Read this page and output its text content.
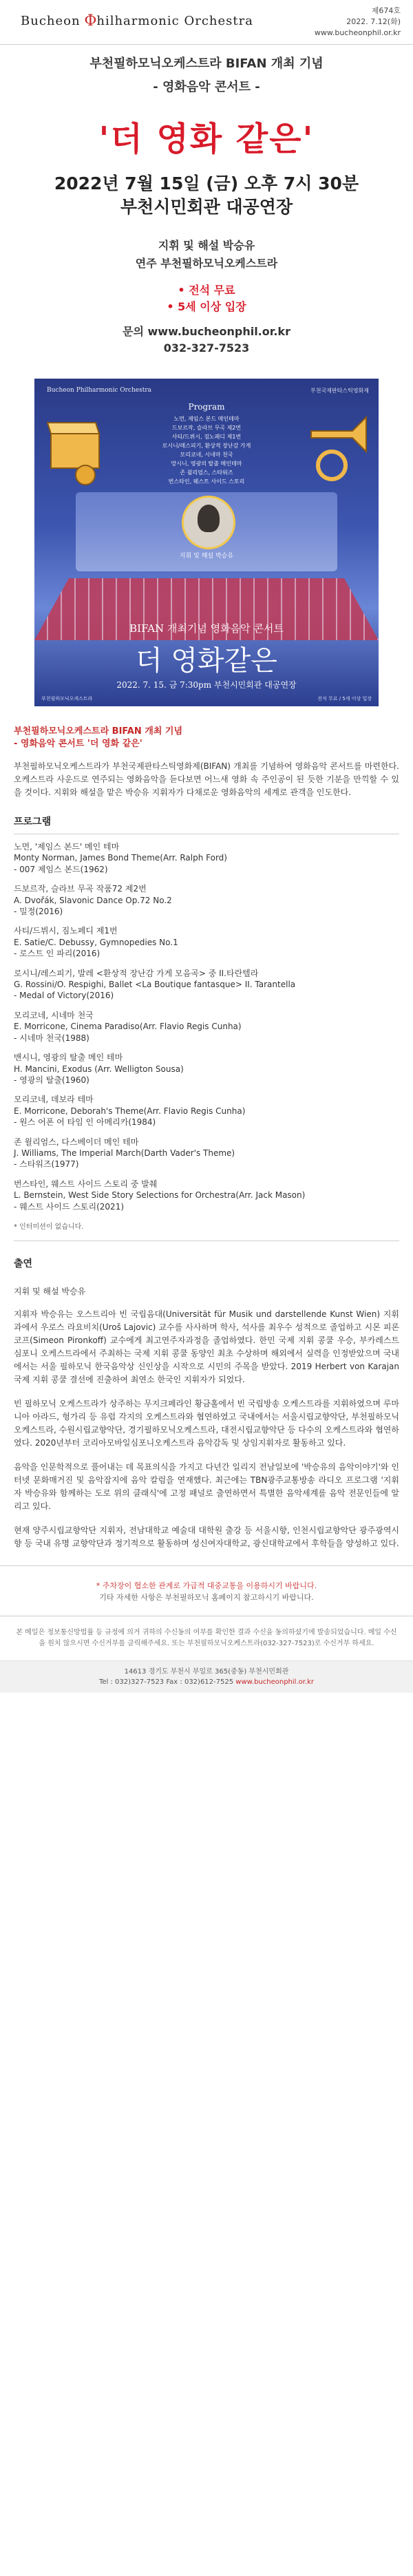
Bucheon Φhilharmonic Orchestra
제674호
2022. 7.12(화)
www.bucheonphil.or.kr
부천필하모닉오케스트라 BIFAN 개최 기념
- 영화음악 콘서트 -
'더 영화 같은'
2022년 7월 15일 (금) 오후 7시 30분
부천시민회관 대공연장
지휘 및 해설 박승유
연주 부천필하모닉오케스트라
• 전석 무료
• 5세 이상 입장
문의 www.bucheonphil.or.kr
032-327-7523
Bucheon Philharmonic Orchestra	부천국제판타스틱영화제
Program
노먼, 제임스 본드 메인테마
드보르작, 슬라브 무곡 제2번
사티/드뷔시, 짐노페디 제1번
로시니/레스피기, 환상적 장난감 가게
모리코네, 시네마 천국
망시니, 영광의 탈출 메인테마
존 윌리엄스, 스타워즈
번스타인, 웨스트 사이드 스토리
지휘 및 해설 박승유
BIFAN 개최기념 영화음악 콘서트
더 영화같은
2022. 7. 15. 금 7:30pm 부천시민회관 대공연장
부천필하모닉오케스트라	전석 무료 / 5세 이상 입장
부천필하모닉오케스트라 BIFAN 개최 기념
- 영화음악 콘서트 '더 영화 같은'
부천필하모닉오케스트라가 부천국제판타스틱영화제(BIFAN) 개최를 기념하여 영화음악 콘서트를 마련한다. 오케스트라 사운드로 연주되는 영화음악을 듣다보면 어느새 영화 속 주인공이 된 듯한 기분을 만끽할 수 있을 것이다. 지휘와 해설을 맡은 박승유 지휘자가 다채로운 영화음악의 세계로 관객을 인도한다.
프로그램
노먼, '제임스 본드' 메인 테마
Monty Norman, James Bond Theme(Arr. Ralph Ford)
- 007 제임스 본드(1962)
드보르작, 슬라브 무곡 작품72 제2번
A. Dvořák, Slavonic Dance Op.72 No.2
- 밀정(2016)
사티/드뷔시, 짐노페디 제1번
E. Satie/C. Debussy, Gymnopedies No.1
- 로스트 인 파리(2016)
로시니/레스피기, 발레 <환상적 장난감 가게 모음곡> 중 II.타란텔라
G. Rossini/O. Respighi, Ballet <La Boutique fantasque> II. Tarantella
- Medal of Victory(2016)
모리코네, 시네마 천국
E. Morricone, Cinema Paradiso(Arr. Flavio Regis Cunha)
- 시네마 천국(1988)
맨시니, 영광의 탈출 메인 테마
H. Mancini, Exodus (Arr. Welligton Sousa)
- 영광의 탈출(1960)
모리코네, 데보라 테마
E. Morricone, Deborah's Theme(Arr. Flavio Regis Cunha)
- 원스 어폰 어 타임 인 아메리카(1984)
존 윌리엄스, 다스베이더 메인 테마
J. Williams, The Imperial March(Darth Vader's Theme)
- 스타워즈(1977)
번스타인, 웨스트 사이드 스토리 중 발췌
L. Bernstein, West Side Story Selections for Orchestra(Arr. Jack Mason)
- 웨스트 사이드 스토리(2021)
* 인터미션이 없습니다.
출연
지휘 및 해설 박승유
지휘자 박승유는 오스트리아 빈 국립음대(Universität für Musik und darstellende Kunst Wien) 지휘과에서 우로스 라요비치(Uroš Lajovic) 교수를 사사하며 학사, 석사를 최우수 성적으로 졸업하고 시몬 피론코프(Simeon Pironkoff) 교수에게 최고연주자과정을 졸업하였다. 한민 국제 지휘 콩쿨 우승, 부카레스트 심포니 오케스트라에서 주최하는 국제 지휘 콩쿨 동양인 최초 수상하며 해외에서 실력을 인정받았으며 국내에서는 서울 필하모닉 한국음악상 신인상을 시작으로 시민의 주목을 받았다. 2019 Herbert von Karajan 국제 지휘 콩쿨 결선에 진출하여 최연소 한국인 지휘자가 되었다.
빈 필하모닉 오케스트라가 상주하는 무지크페라인 황금홀에서 빈 국립방송 오케스트라를 지휘하였으며 루마니아 아라드, 헝가리 등 유럽 각지의 오케스트라와 협연하였고 국내에서는 서울시립교향악단, 부천필하모닉오케스트라, 수원시립교향악단, 경기필하모닉오케스트라, 대전시립교향악단 등 다수의 오케스트라와 협연하였다. 2020년부터 코리아모바일심포니오케스트라 음악감독 및 상임지휘자로 활동하고 있다.
음악을 인문학적으로 풀어내는 데 목표의식을 가지고 다년간 일리지 전남일보에 '박승유의 음악이야기'와 인터넷 문화매거진 및 음악잡지에 음악 칼럼을 연재했다. 최근에는 TBN광주교통방송 라디오 프로그램 '지휘자 박승유와 함께하는 도로 위의 클래식'에 고정 패널로 출연하면서 특별한 음악세계를 음악 전문인들에 알리고 있다.
현재 양주시립교향악단 지휘자, 전남대학교 예술대 대학원 출강 등 서울시향, 인천시립교향악단 광주광역시향 등 국내 유명 교향악단과 정기적으로 활동하며 성신여자대학교, 광신대학교에서 후학들을 양성하고 있다.
* 주차장이 협소한 관계로 가급적 대중교통을 이용하시기 바랍니다.
기타 자세한 사항은 부천필하모닉 홈페이지 참고하시기 바랍니다.
본 메일은 정보통신망법률 등 규정에 의거 귀하의 수신동의 여부를 확인한 결과 수신을 동의하셨기에 발송되었습니다. 메일 수신을 원치 않으시면 수신거부를 클릭해주세요. 또는 부천필하모닉오케스트라(032-327-7523)로 수신거부 하세요.
14613 경기도 부천시 부일로 365(중동) 부천시민회관
Tel : 032)327-7523 Fax : 032)612-7525 www.bucheonphil.or.kr
